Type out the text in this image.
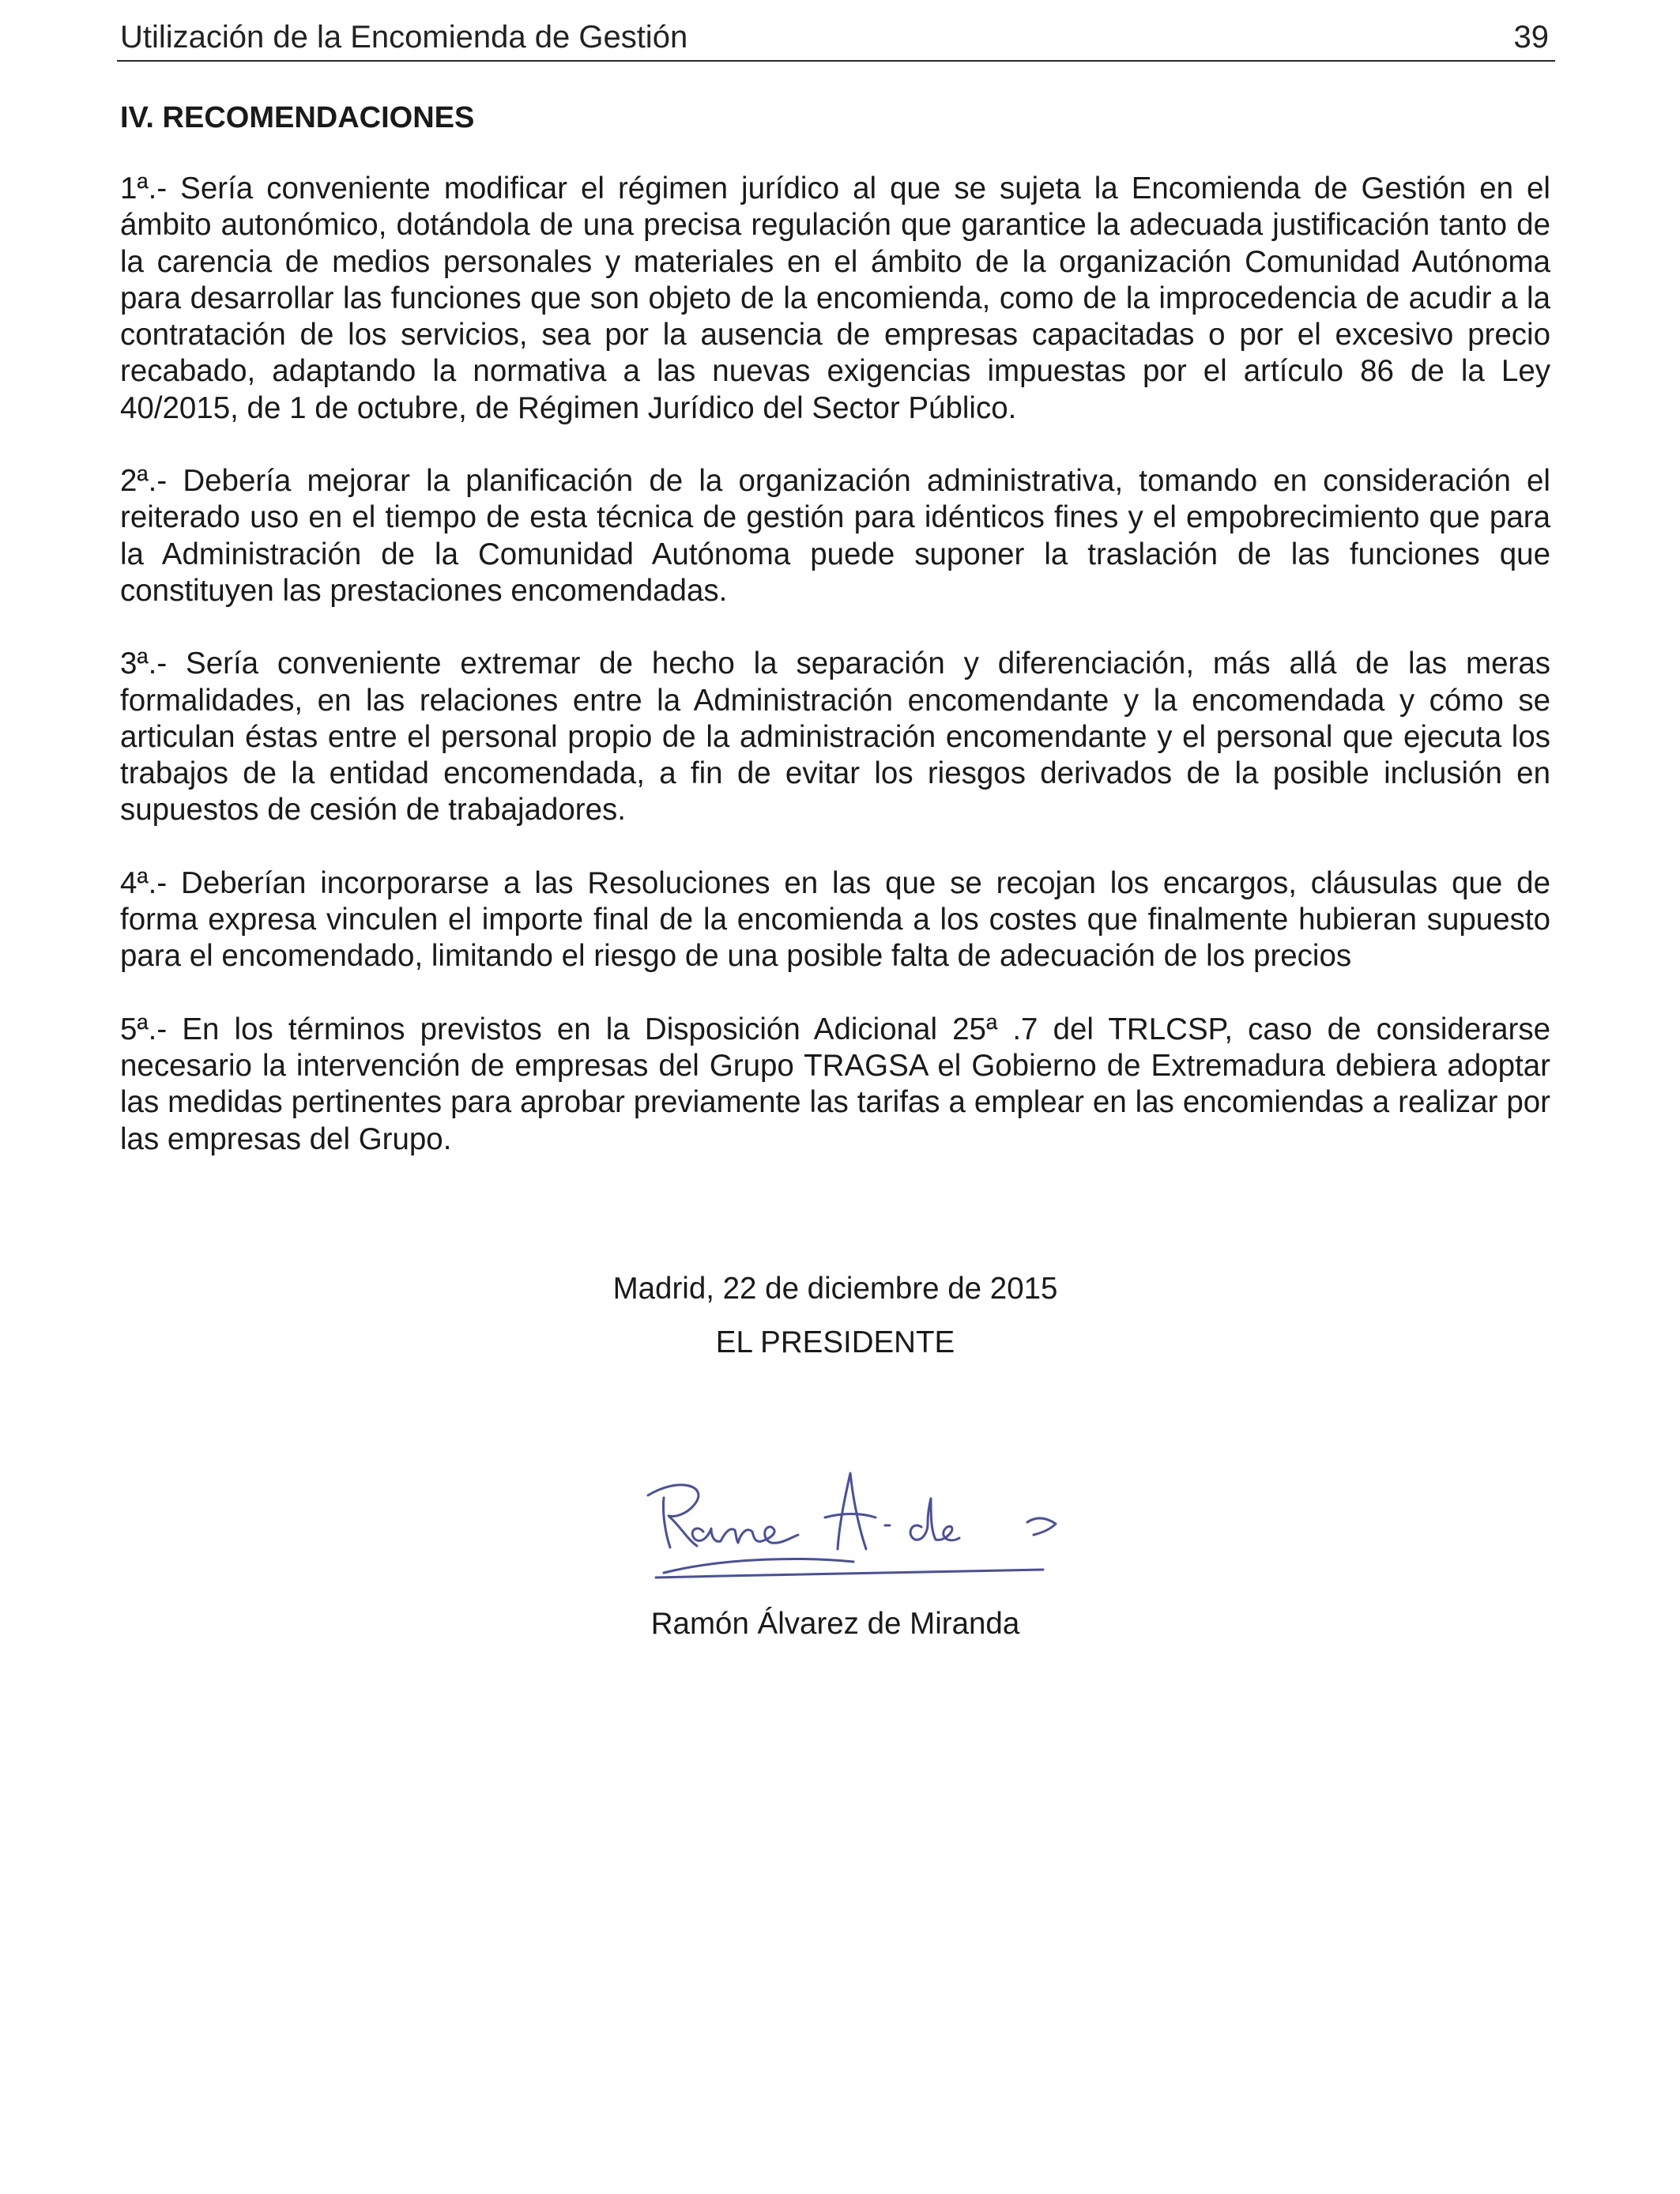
Utilización de la Encomienda de Gestión	39
IV. RECOMENDACIONES

1ª.- Sería conveniente modificar el régimen jurídico al que se sujeta la Encomienda de Gestión en el ámbito autonómico, dotándola de una precisa regulación que garantice la adecuada justificación tanto de la carencia de medios personales y materiales en el ámbito de la organización Comunidad Autónoma para desarrollar las funciones que son objeto de la encomienda, como de la improcedencia de acudir a la contratación de los servicios, sea por la ausencia de empresas capacitadas o por el excesivo precio recabado, adaptando la normativa a las nuevas exigencias impuestas por el artículo 86 de la Ley 40/2015, de 1 de octubre, de Régimen Jurídico del Sector Público.

2ª.- Debería mejorar la planificación de la organización administrativa, tomando en consideración el reiterado uso en el tiempo de esta técnica de gestión para idénticos fines y el empobrecimiento que para la Administración de la Comunidad Autónoma puede suponer la traslación de las funciones que constituyen las prestaciones encomendadas.

3ª.- Sería conveniente extremar de hecho la separación y diferenciación, más allá de las meras formalidades, en las relaciones entre la Administración encomendante y la encomendada y cómo se articulan éstas entre el personal propio de la administración encomendante y el personal que ejecuta los trabajos de la entidad encomendada, a fin de evitar los riesgos derivados de la posible inclusión en supuestos de cesión de trabajadores.

4ª.- Deberían incorporarse a las Resoluciones en las que se recojan los encargos, cláusulas que de forma expresa vinculen el importe final de la encomienda a los costes que finalmente hubieran supuesto para el encomendado, limitando el riesgo de una posible falta de adecuación de los precios

5ª.- En los términos previstos en la Disposición Adicional 25ª .7 del TRLCSP, caso de considerarse necesario la intervención de empresas del Grupo TRAGSA el Gobierno de Extremadura debiera adoptar las medidas pertinentes para aprobar previamente las tarifas a emplear en las encomiendas a realizar por las empresas del Grupo.

Madrid, 22 de diciembre de 2015
EL PRESIDENTE
Ramón Álvarez de Miranda
